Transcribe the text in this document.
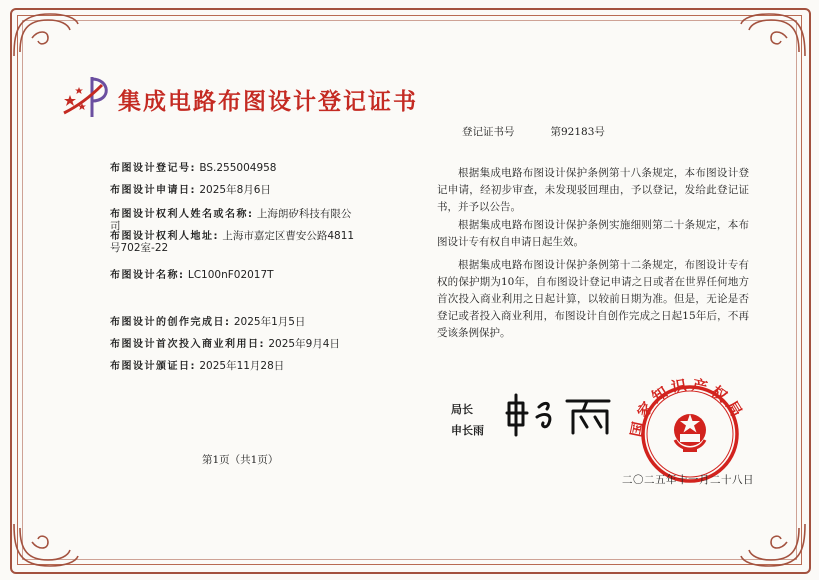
集成电路布图设计登记证书
登记证书号	第92183号
布图设计登记号: BS.255004958
布图设计申请日: 2025年8月6日
布图设计权利人姓名或名称: 上海朗矽科技有限公
司
布图设计权利人地址: 上海市嘉定区曹安公路4811
号702室-22
布图设计名称: LC100nF02017T
布图设计的创作完成日: 2025年1月5日
布图设计首次投入商业利用日: 2025年9月4日
布图设计颁证日: 2025年11月28日
根据集成电路布图设计保护条例第十八条规定，本布图设计登记申请，经初步审查，未发现驳回理由，予以登记，发给此登记证书，并予以公告。
根据集成电路布图设计保护条例实施细则第二十条规定，本布图设计专有权自申请日起生效。
根据集成电路布图设计保护条例第十二条规定，布图设计专有权的保护期为10年，自布图设计登记申请之日或者在世界任何地方首次投入商业利用之日起计算，以较前日期为准。但是，无论是否登记或者投入商业利用，布图设计自创作完成之日起15年后，不再受该条例保护。
第1页（共1页）
局长
申长雨	国家知识产权局
二〇二五年十一月二十八日
